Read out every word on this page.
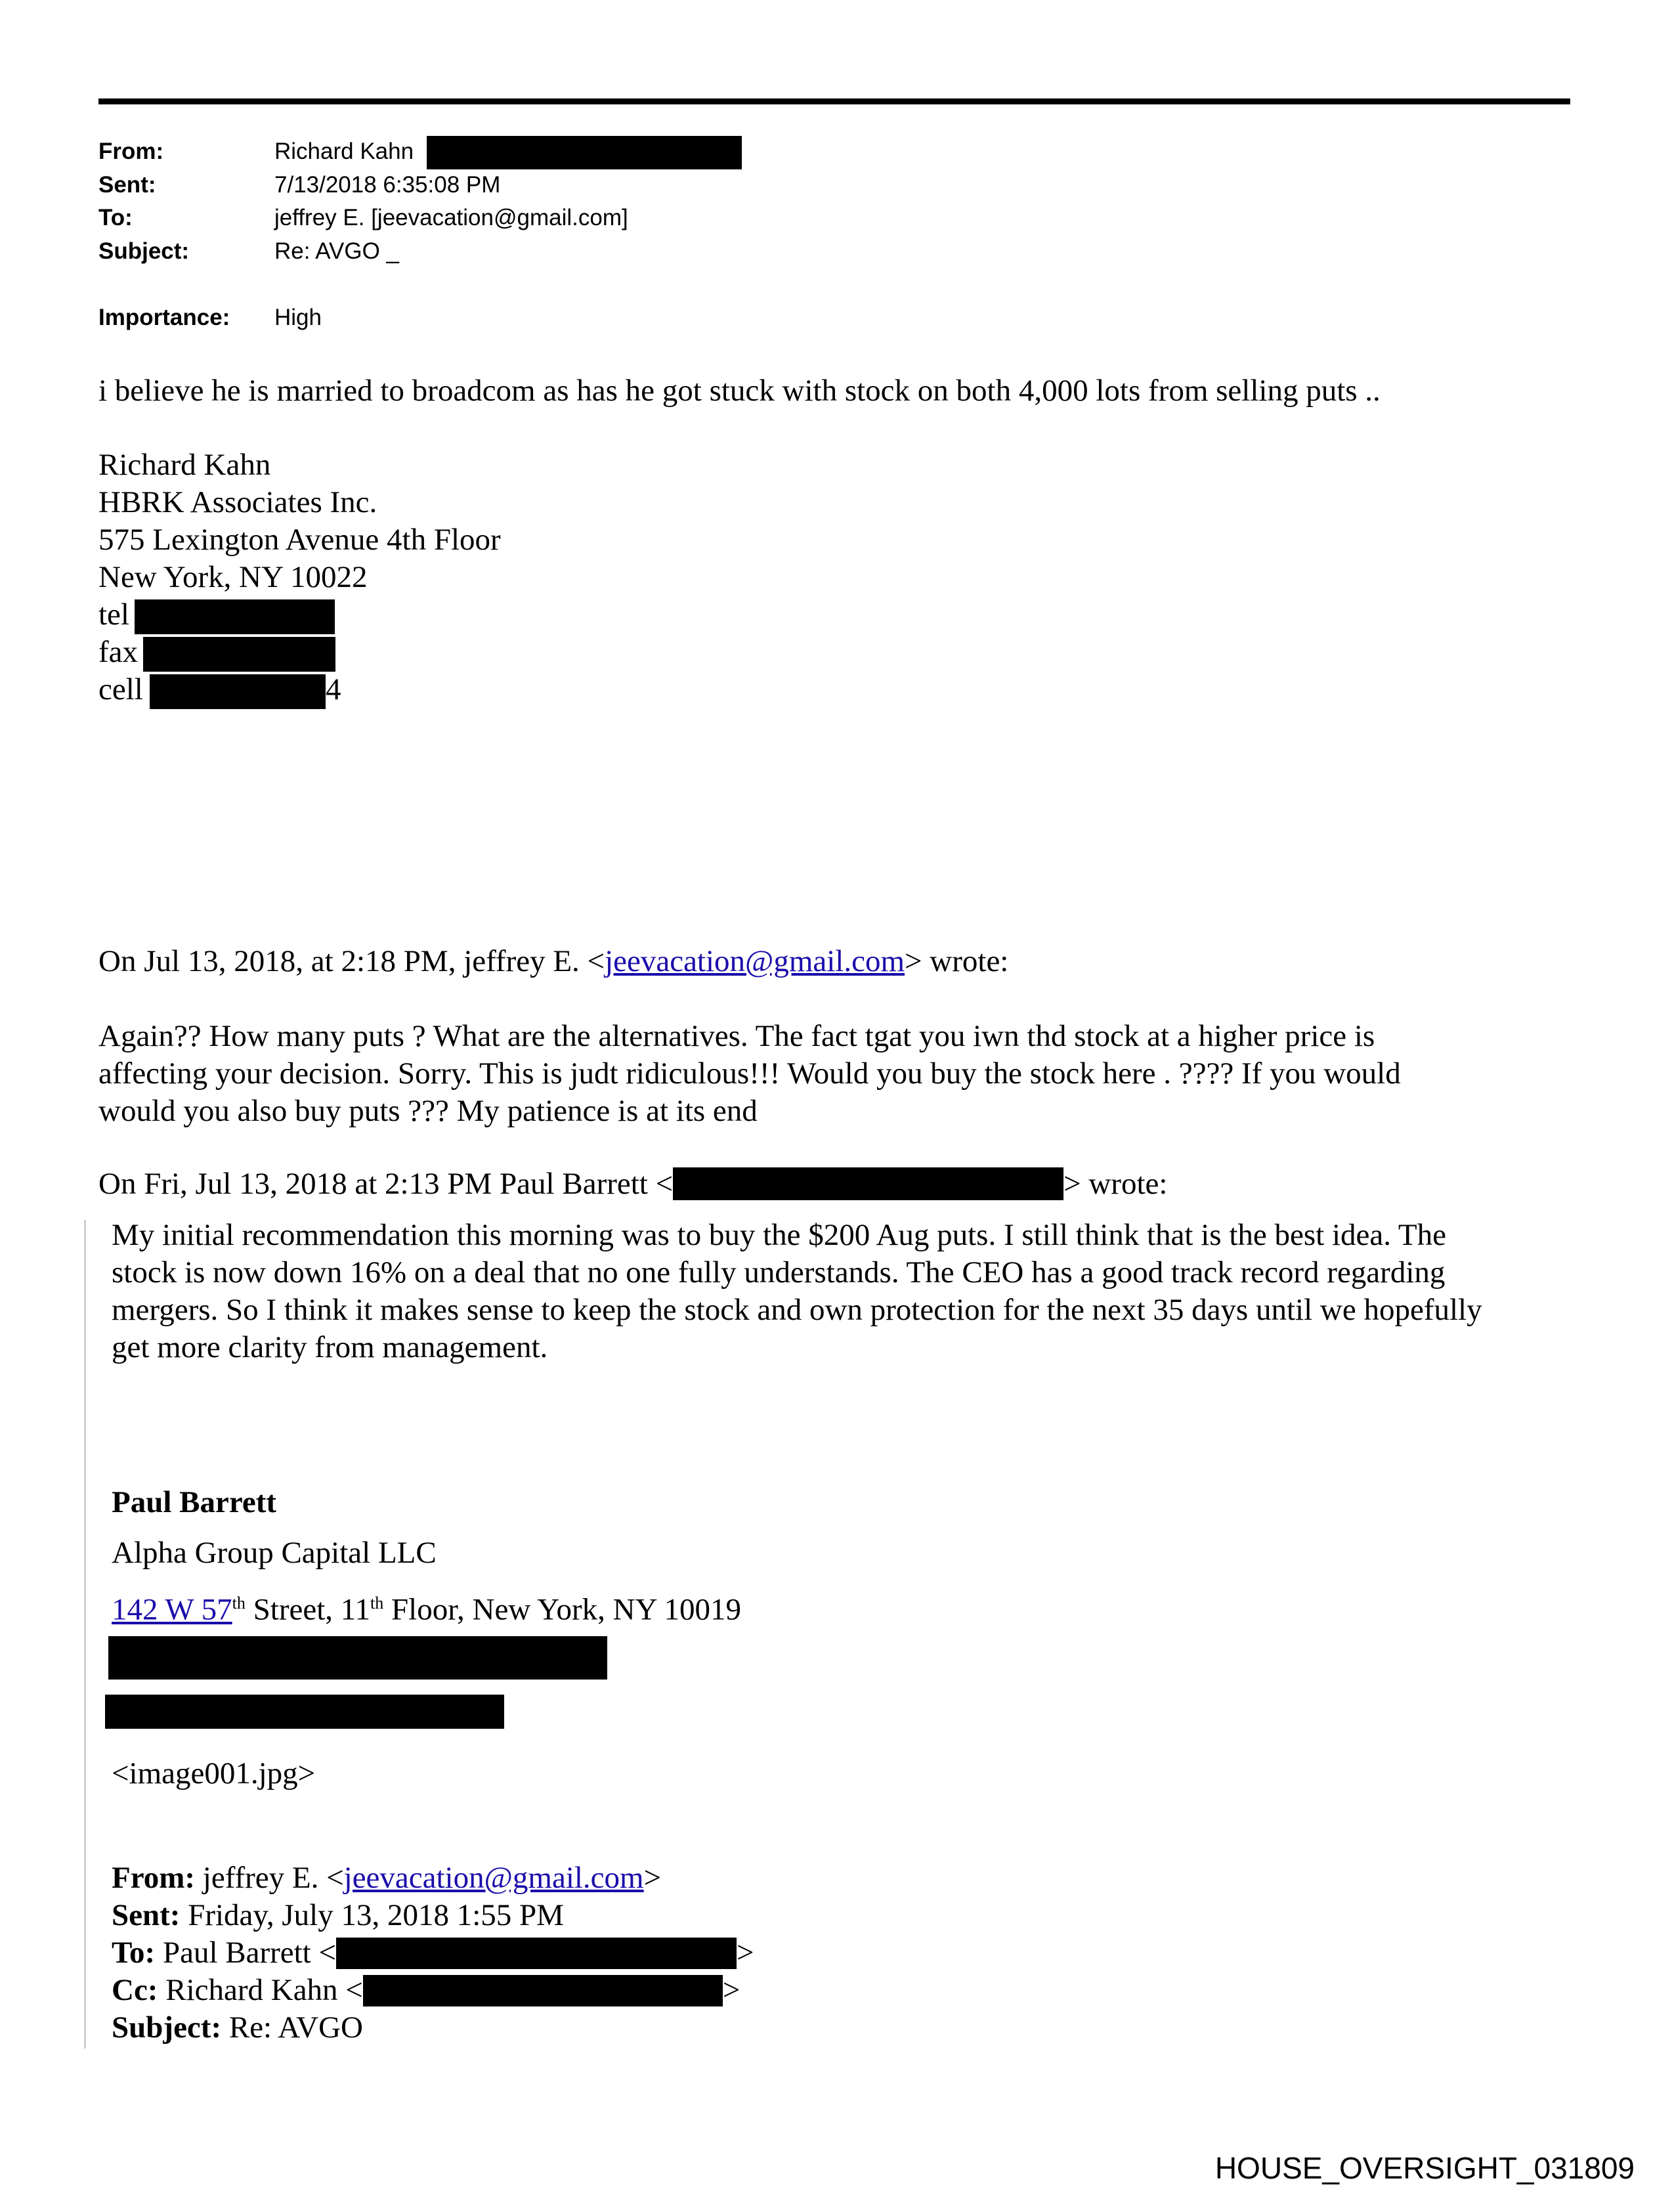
From:	Richard Kahn
Sent:	7/13/2018 6:35:08 PM
To:	jeffrey E. [jeevacation@gmail.com]
Subject:	Re: AVGO _
Importance: High
i believe he is married to broadcom as has he got stuck with stock on both 4,000 lots from selling puts ..
Richard Kahn
HBRK Associates Inc.
575 Lexington Avenue 4th Floor
New York, NY 10022
tel
fax
cell	4
On Jul 13, 2018, at 2:18 PM, jeffrey E. <jeevacation@gmail.com> wrote:
Again?? How many puts ? What are the alternatives. The fact tgat you iwn thd stock at a higher price is
affecting your decision. Sorry. This is judt ridiculous!!! Would you buy the stock here . ???? If you would
would you also buy puts ??? My patience is at its end
On Fri, Jul 13, 2018 at 2:13 PM Paul Barrett <	> wrote:
My initial recommendation this morning was to buy the $200 Aug puts. I still think that is the best idea. The
stock is now down 16% on a deal that no one fully understands. The CEO has a good track record regarding
mergers. So I think it makes sense to keep the stock and own protection for the next 35 days until we hopefully
get more clarity from management.
Paul Barrett
Alpha Group Capital LLC
142 W 57th Street, 11th Floor, New York, NY 10019
<image001.jpg>
From: jeffrey E. <jeevacation@gmail.com>
Sent: Friday, July 13, 2018 1:55 PM
To: Paul Barrett <	>
Cc: Richard Kahn <	>
Subject: Re: AVGO
HOUSE_OVERSIGHT_031809
